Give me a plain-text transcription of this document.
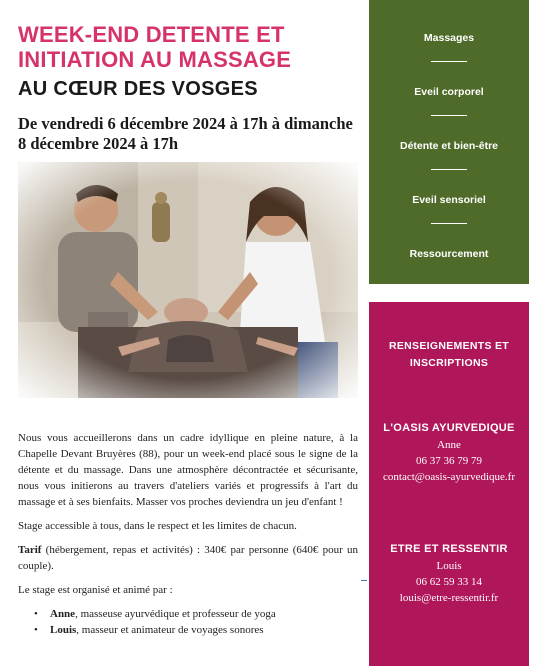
WEEK-END DETENTE ET INITIATION AU MASSAGE
AU CŒUR DES VOSGES
De vendredi 6 décembre 2024 à 17h à dimanche 8 décembre 2024 à 17h

Nous vous accueillerons dans un cadre idyllique en pleine nature, à la Chapelle Devant Bruyères (88), pour un week-end placé sous le signe de la détente et du massage. Dans une atmosphère décontractée et sécurisante, nous vous initierons au travers d'ateliers variés et progressifs à l'art du massage et à ses bienfaits. Masser vos proches deviendra un jeu d'enfant !

Stage accessible à tous, dans le respect et les limites de chacun.

Tarif (hébergement, repas et activités) : 340€ par personne (640€ pour un couple).

Le stage est organisé et animé par :

• Anne, masseuse ayurvédique et professeur de yoga
• Louis, masseur et animateur de voyages sonores
Massages
Eveil corporel
Détente et bien-être
Eveil sensoriel
Ressourcement
RENSEIGNEMENTS ET INSCRIPTIONS
L'OASIS AYURVEDIQUE
Anne
06 37 36 79 79
contact@oasis-ayurvedique.fr
ETRE ET RESSENTIR
Louis
06 62 59 33 14
louis@etre-ressentir.fr
